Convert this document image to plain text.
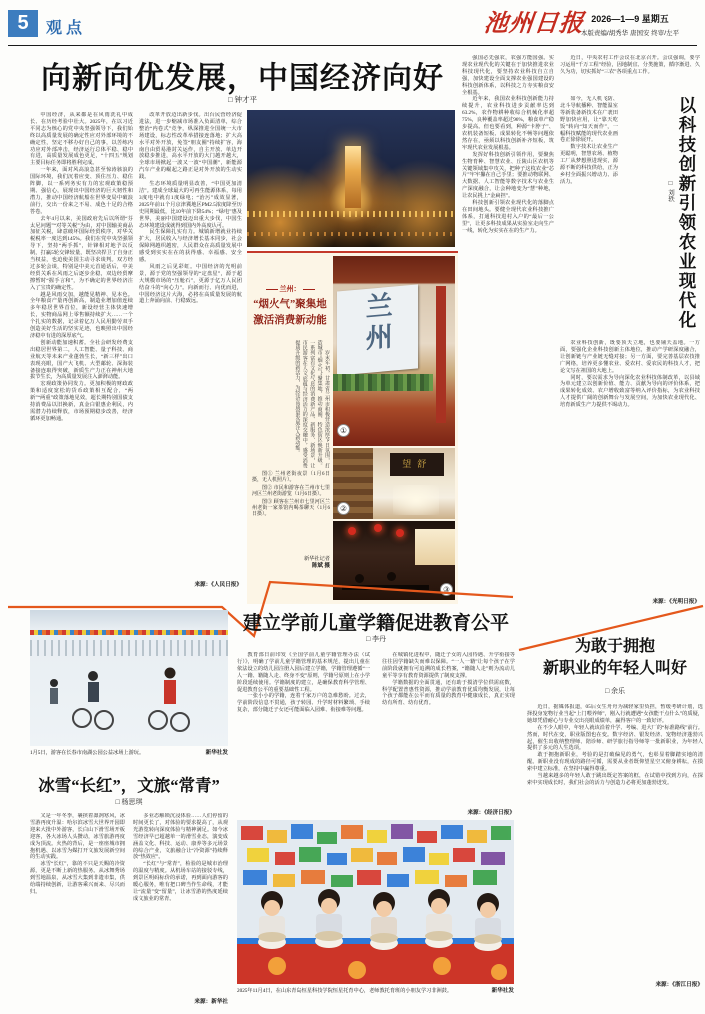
5	观点	池州日报 2026—1—9 星期五
本版责编/胡秀华 唐国安 终审/左平
向新向优发展，中国经济向好
□ 钟才平

中国经济，从来都是在风雨洗礼中成长、在历经考验中壮大。2025年，在以习近平同志为核心的党中央坚强领导下，我们始终以高质量发展的确定性应对外部环境的不确定性，坚定不移办好自己的事，以苦练内功应对外部冲击，经济运行总体平稳、稳中有进，高质量发展成色更足，“十四五”规划主要目标任务即将胜利完成。

一年来，面对风高浪急甚至惊涛骇浪的国际环境，我们沉着应变、顶住压力、稳住阵脚，以一系列务实有力的宏观政策稳预期、强信心，展现出中国经济的巨大韧性和潜力，推动中国经济航船在世界变局中破浪前行，交出一份来之不易、成色十足的合格答卷。

去年4月以来，美国政府先后以所谓“芬太尼问题”“对等关税”为由，对中国输美商品加征关税，肆意破坏国际经贸秩序，对华关税税率一度达到145%。我们在党中央坚强领导下，坚持“两手抓”，针锋相对地予以反制，打赢5轮交锋较量，既坚决捍卫了自身正当权益，也迫使美国主动寻求谈判。双方经过多轮会谈，特别是中美元首通话后，中美经贸关系在风雨之后逐步企稳，双边经贸摩擦暂时“握手言和”，为不确定的世界经济注入了宝贵的确定性。

越是风雨交加，越能见精神、见本色。全年粮食产量再创新高，制造业增加值连续多年稳居世界首位，新设经营主体快速增长，实物商品网上零售额持续扩大……一个个扎实的数据，记录着亿万人民用勤劳双手创造美好生活的坚实足迹，也映照出中国经济稳中有进的深厚底气。

创新动能加速积蓄。全社会研发经费支出稳居世界第二，人工智能、量子科技、商业航天等未来产业蓬勃生长，“新三样”出口表现亮眼，国产大飞机、大型邮轮、深海装备接连取得突破，新质生产力正在神州大地拔节生长，为高质量发展注入澎湃动能。

宏观政策协同发力。更加积极的财政政策和适度宽松的货币政策相互配合，“两新”“两重”政策落地见效，超长期特别国债支持消费品以旧换新，真金白银惠企利民，内需潜力持续释放，市场预期稳步改善，经济循环更加畅通。

改革开放迈出新步伐。出台民营经济促进法，进一步缩减市场准入负面清单，综合整治“内卷式”竞争，纵深推进全国统一大市场建设，标志性改革举措接连落地；扩大高水平对外开放，免签“朋友圈”持续扩容，海南自由贸易港封关运作，自主开放、单边开放稳步推进，高水平开放的大门越开越大，全球市场掀起一波又一波“中国潮”，新能源汽车产业的崛起之路正是对外开放的生动实践。

生态环境质量明显改善，“中国更加清洁”。建成全球最大的可再生能源体系，每用3度电中就有1度绿电；“治污”成效显著，2025年前11个月京津冀地区PM2.5浓度降至历史同期最低，比10年前下降54%；“绿电”惠及世界，美丽中国建设迈出重大步伐，中国生态环境建设成就得到国内外高度认可。

民生保障扎实有力。城镇新增就业持续扩大，居民收入与经济增长基本同步，社会保障网越织越密，人民群众在高质量发展中感受到实实在在的获得感、幸福感、安全感。

风雨之后见彩虹。中国经济的光明前景，源于党的坚强领导的“定盘星”，源于超大规模市场的“压舱石”，更源于亿万人民团结奋斗的“向心力”。向新而行、向优而进，中国经济这片大海，必将在高质量发展的航道上奔涌向前、行稳致远。

来源：《人民日报》
兰州：
“烟火气”聚集地
激活消费新动能

岁末年初，甘肃省兰州市积极营造浓厚节日氛围，打造城市“烟火气”聚集地，推动商圈、特色街区焕新升级。一系列富有文化气息的消费新产品、新服务、新场景，让市民游客在人文底蕴与经济活力的深度交融中，感受消费提质升级的新活力，为经济高质量发展注入新动能。

图① 兰州老街夜景（1月6日摄，无人机照片）。

图② 市民和游客在兰州市七里河区兰州老街游览（1月6日摄）。

图③ 顾客在兰州市七里河区兰州老街一家茶馆内喝茶聊天（1月6日摄）。

新华社记者
陈斌 摄
兰州
望舒
①
②
③

强国必先强农，农强方能国强。实现农业现代化的关键在于加快推进农业科技现代化，要坚持农业科技自立自强，加快建设全面支撑农业强国建设的科技创新体系，以科技之力夯实粮食安全根基。

近年来，我国农业科技创新能力持续提升，农业科技进步贡献率达到63.2%，农作物耕种收综合机械化率超75%，良种覆盖率超过96%，粮食单产稳步提高。但也要看到，种源“卡脖子”、农机装备短板、成果转化不畅等问题依然存在，亟须以科技创新补齐短板，筑牢现代农业发展根基。

发挥好科技创新引领作用，要聚焦生物育种、智慧农业、丘陵山区农机等关键领域集中攻关，把种子这枚农业“芯片”牢牢攥在自己手里；要推动物联网、大数据、人工智能等数字技术与农业生产深度融合，让会种地变为“慧”种地，让农民挑上“金扁担”。

科技创新引领农业现代化的落脚点在田间地头。要健全现代农业科技推广体系，打通科技进村入户的“最后一公里”，让更多科技成果从实验室走向生产一线，转化为实实在在的生产力。

近日，中央农村工作会议在北京召开。会议强调，要学习运用“千万工程”经验，因地制宜、分类施策，循序渐进、久久为功，切实抓好“三农”各项重点工作。

如今，无人机飞防、北斗导航播种、智能温室等新装备新技术在广袤田野加快应用，让“靠天吃饭”转向“知天而作”，一幅科技赋能的现代农业画卷正徐徐展开。

数字技术让农业生产更聪明，智慧农场、植物工厂从梦想照进现实，源源不断的科技供给，正为乡村全面振兴增动力、添活力。	以科技创新引领农业现代化
□ 刘轶

农业科技创新，既要顶天立地，也要铺天盖地。一方面，要强化企业科技创新主体地位，推动产学研深度融合，让创新链与产业链无缝对接；另一方面，要完善基层农技推广网络，培养更多懂农业、爱农村、爱农民的科技人才，把论文写在祖国的大地上。

同时，要以需求为导向深化农业科技体制改革，以县域为单元建立以创新价值、能力、贡献为导向的评价体系，把成果转化成效、农户增收致富等纳入评价指标，为农业科技人才提供广阔的创新舞台与发展空间，为加快农业现代化、培育新质生产力提供不竭动力。

来源：《光明日报》
1月5日，游客在长春市南湖公园公益冰场上游玩。	新华社发
冰雪“长红”，文旅“常青”
□ 杨思琪

又是一年冬季，裹挟着凛冽寒风，冰雪游再度升温：哈尔滨冰雪大世界开园即迎来大批中外游客，长白山下滑雪场开板迎客，各大冰场人头攒动，冰雪旅游再度成为顶流。火热的背后，是一座座城市拥抱机遇、以冰雪为媒打开文旅发展新空间的生动实践。

冰雪“长红”，靠的不只是天赐的冷资源，更是不断上新的热服务。从冰舞秀场到雪地温泉，从冰雪大集到非遗市集，供给端持续创新，让游客乘兴而来、尽兴而归。

多业态解锁沉浸体验……人们停留的时间更长了，对体验的要求提高了，从观光游览转向深度体验与精神满足。如今冰雪经济早已超越单一的滑雪业态，演变成涵盖文化、科技、运动、康养等多元场景的综合产业，文旅融合让“冷资源”持续释放“热效应”。

“长红”与“常青”，检验的是城市治理的温度与精度。从机场车站的接驳专线，到景区明码标价的承诺，再到面向游客的暖心服务，唯有把口碑当作生命线，才能让“流量”变“留量”，让冰雪游的热度延续成文旅业的常青。

来源：新华社
建立学前儿童学籍促进教育公平
□ 李丹

教育部日前印发《全国学前儿童学籍管理办法（试行）》，明确了学前儿童学籍管理的基本规范，提出儿童在依法设立的幼儿园注册入园后建立学籍，学籍管理遵循“一人一籍、籍随人走、终身不变”原则，学籍号原则上在小学阶段延续使用。学籍制度的建立，是确保教育科学管理、促进教育公平的重要基础性工程。

一张小小的学籍，连着千家万户的急难愁盼。过去，学前阶段信息不贯通，孩子转园、升学时材料繁琐、手续复杂，部分随迁子女还可能面临入园难、衔接难等问题。

在城镇化进程中，随迁子女的入园待遇、升学衔接等往往因学籍缺失而难以保障。“一人一籍”让每个孩子在学前阶段就拥有可追溯的成长档案，“籍随人走”则为流动儿童平等享有教育资源提供了制度支撑。

学籍数据的全面贯通，还有助于摸清学位供需底数，科学配置普惠性资源，推动学前教育优质均衡发展，让每个孩子都能在公平而有质量的教育中健康成长，真正实现幼有所育、幼有优育。

来源：《经济日报》
2025年11月4日，在山东青岛恒星科技学院恒星托育中心，老师教托育班的小朋友学习非洲鼓。	新华社发
为敢于拥抱
新职业的年轻人叫好
□ 余乐

近日，据媒体报道，05后女生舟舟为减轻家里负担，暂缓考研计划，选择投身宠物行业当起“上门喂养师”，刚入行就遭遇“女孩能干点什么”的质疑，她却凭借耐心与专业交出亮眼成绩单，赢得客户的一致好评。

在不少人眼中，年轻人就该沿着升学、考编、进大厂的“标准路线”前行。然而，时代在变，职业版图也在变。数字经济、银发经济、宠物经济蓬勃兴起，催生出收纳整理师、陪诊师、研学旅行指导师等一批新职业，为年轻人提供了多元的人生选项。

敢于拥抱新职业，考验的是打破偏见的勇气，也彰显着脚踏实地的清醒。新职业没有现成的路径可循，需要从业者既仰望星空又俯身耕耘，在摸索中建立标准，在坚持中赢得尊重。

当越来越多的年轻人敢于跳出既定答案的框，在试错中找到方向，在探索中实现成长时，我们社会的活力与创造力必将更加蓬勃迸发。

来源：《浙江日报》
